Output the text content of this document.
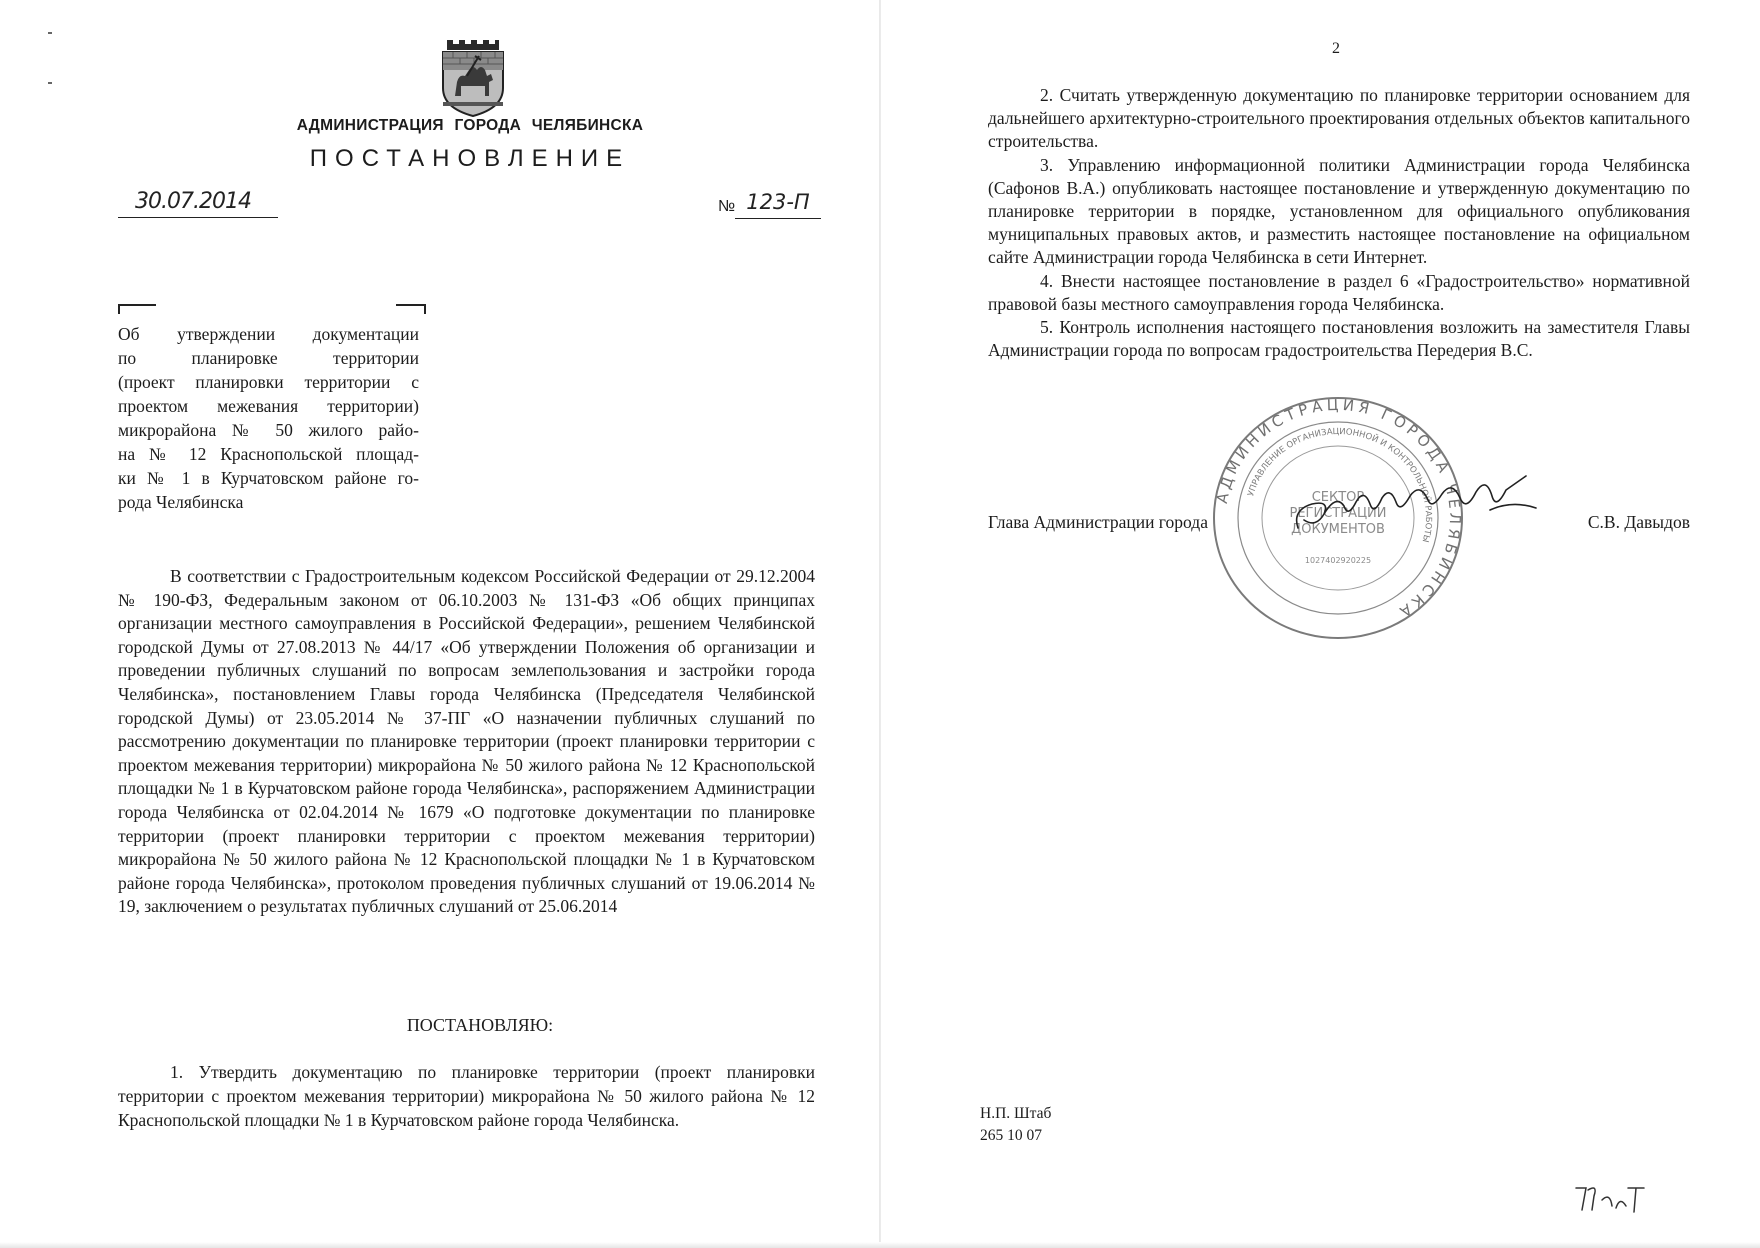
АДМИНИСТРАЦИЯ ГОРОДА ЧЕЛЯБИНСКА
ПОСТАНОВЛЕНИЕ
30.07.2014	№ 123-П
Об утверждении документации
по планировке территории
(проект планировки территории с
проектом межевания территории)
микрорайона № 50 жилого райо-
на № 12 Краснопольской площад-
ки № 1 в Курчатовском районе го-
рода Челябинска

В соответствии с Градостроительным кодексом Российской Федерации от 29.12.2004 № 190-ФЗ, Федеральным законом от 06.10.2003 № 131-ФЗ «Об общих принципах организации местного самоуправления в Российской Федерации», решением Челябинской городской Думы от 27.08.2013 № 44/17 «Об утверждении Положения об организации и проведении публичных слушаний по вопросам землепользования и застройки города Челябинска», постановлением Главы города Челябинска (Председателя Челябинской городской Думы) от 23.05.2014 № 37-ПГ «О назначении публичных слушаний по рассмотрению документации по планировке территории (проект планировки территории с проектом межевания территории) микрорайона № 50 жилого района № 12 Краснопольской площадки № 1 в Курчатовском районе города Челябинска», распоряжением Администрации города Челябинска от 02.04.2014 № 1679 «О подготовке документации по планировке территории (проект планировки территории с проектом межевания территории) микрорайона № 50 жилого района № 12 Краснопольской площадки № 1 в Курчатовском районе города Челябинска», протоколом проведения публичных слушаний от 19.06.2014 № 19, заключением о результатах публичных слушаний от 25.06.2014

ПОСТАНОВЛЯЮ:

1. Утвердить документацию по планировке территории (проект планировки территории с проектом межевания территории) микрорайона № 50 жилого района № 12 Краснопольской площадки № 1 в Курчатовском районе города Челябинска.

2

2. Считать утвержденную документацию по планировке территории основанием для дальнейшего архитектурно-строительного проектирования отдельных объектов капитального строительства.

3. Управлению информационной политики Администрации города Челябинска (Сафонов В.А.) опубликовать настоящее постановление и утвержденную документацию по планировке территории в порядке, установленном для официального опубликования муниципальных правовых актов, и разместить настоящее постановление на официальном сайте Администрации города Челябинска в сети Интернет.

4. Внести настоящее постановление в раздел 6 «Градостроительство» нормативной правовой базы местного самоуправления города Челябинска.

5. Контроль исполнения настоящего постановления возложить на заместителя Главы Администрации города по вопросам градостроительства Передерия В.С.

АДМИНИСТРАЦИЯ ГОРОДА ЧЕЛЯБИНСКА
УПРАВЛЕНИЕ ОРГАНИЗАЦИОННОЙ И КОНТРОЛЬНОЙ РАБОТЫ
СЕКТОР
РЕГИСТРАЦИИ
ДОКУМЕНТОВ
1027402920225
Глава Администрации города	С.В. Давыдов
Н.П. Штаб
265 10 07
